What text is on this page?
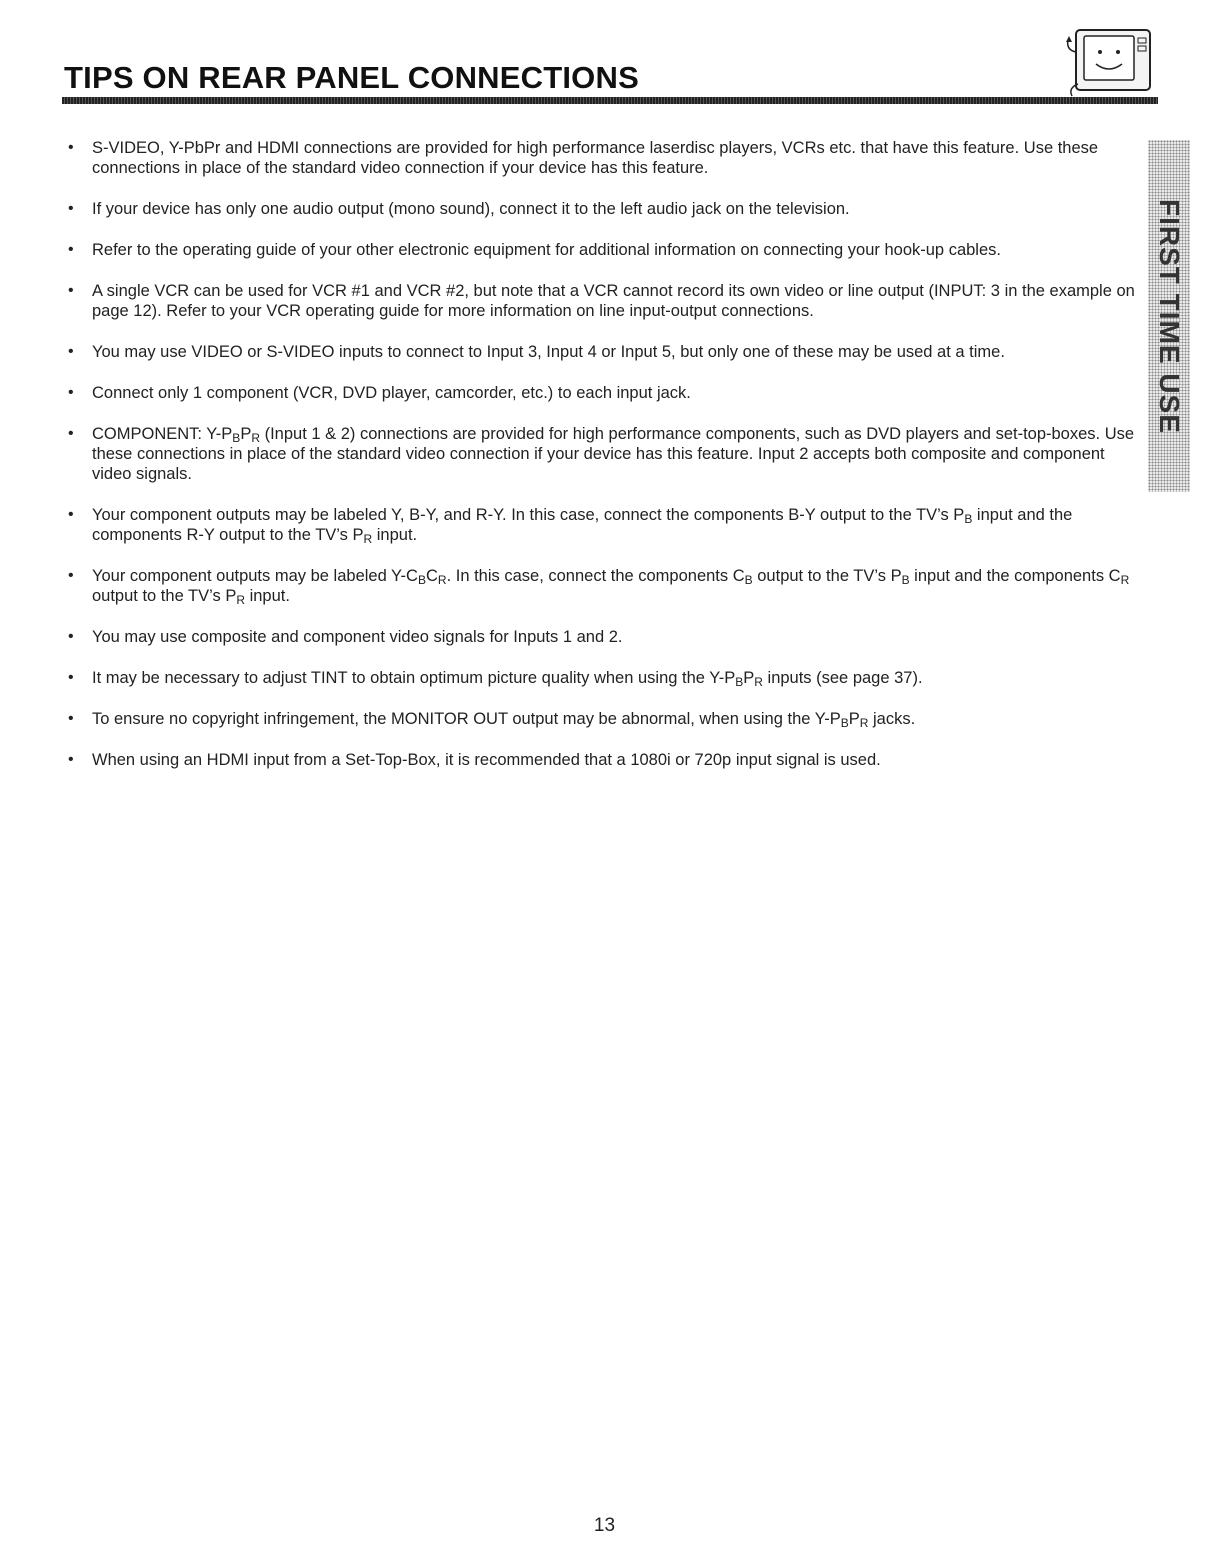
TIPS ON REAR PANEL CONNECTIONS
FIRST TIME USE
• S-VIDEO, Y-PbPr and HDMI connections are provided for high performance laserdisc players, VCRs etc. that have this feature. Use these connections in place of the standard video connection if your device has this feature.
• If your device has only one audio output (mono sound), connect it to the left audio jack on the television.
• Refer to the operating guide of your other electronic equipment for additional information on connecting your hook-up cables.
• A single VCR can be used for VCR #1 and VCR #2, but note that a VCR cannot record its own video or line output (INPUT: 3 in the example on page 12). Refer to your VCR operating guide for more information on line input-output connections.
• You may use VIDEO or S-VIDEO inputs to connect to Input 3, Input 4 or Input 5, but only one of these may be used at a time.
• Connect only 1 component (VCR, DVD player, camcorder, etc.) to each input jack.
• COMPONENT: $Y-P_BP_R$ (Input 1 & 2) connections are provided for high performance components, such as DVD players and set-top-boxes. Use these connections in place of the standard video connection if your device has this feature. Input 2 accepts both composite and component video signals.
• Your component outputs may be labeled Y, B-Y, and R-Y. In this case, connect the components B-Y output to the TV’s $P_B$ input and the components R-Y output to the TV’s $P_R$ input.
• Your component outputs may be labeled $Y-C_BC_R$. In this case, connect the components $C_B$ output to the TV’s $P_B$ input and the components $C_R$ output to the TV’s $P_R$ input.
• You may use composite and component video signals for Inputs 1 and 2.
• It may be necessary to adjust TINT to obtain optimum picture quality when using the $Y-P_BP_R$ inputs (see page 37).
• To ensure no copyright infringement, the MONITOR OUT output may be abnormal, when using the $Y-P_BP_R$ jacks.
• When using an HDMI input from a Set-Top-Box, it is recommended that a 1080i or 720p input signal is used.
13
